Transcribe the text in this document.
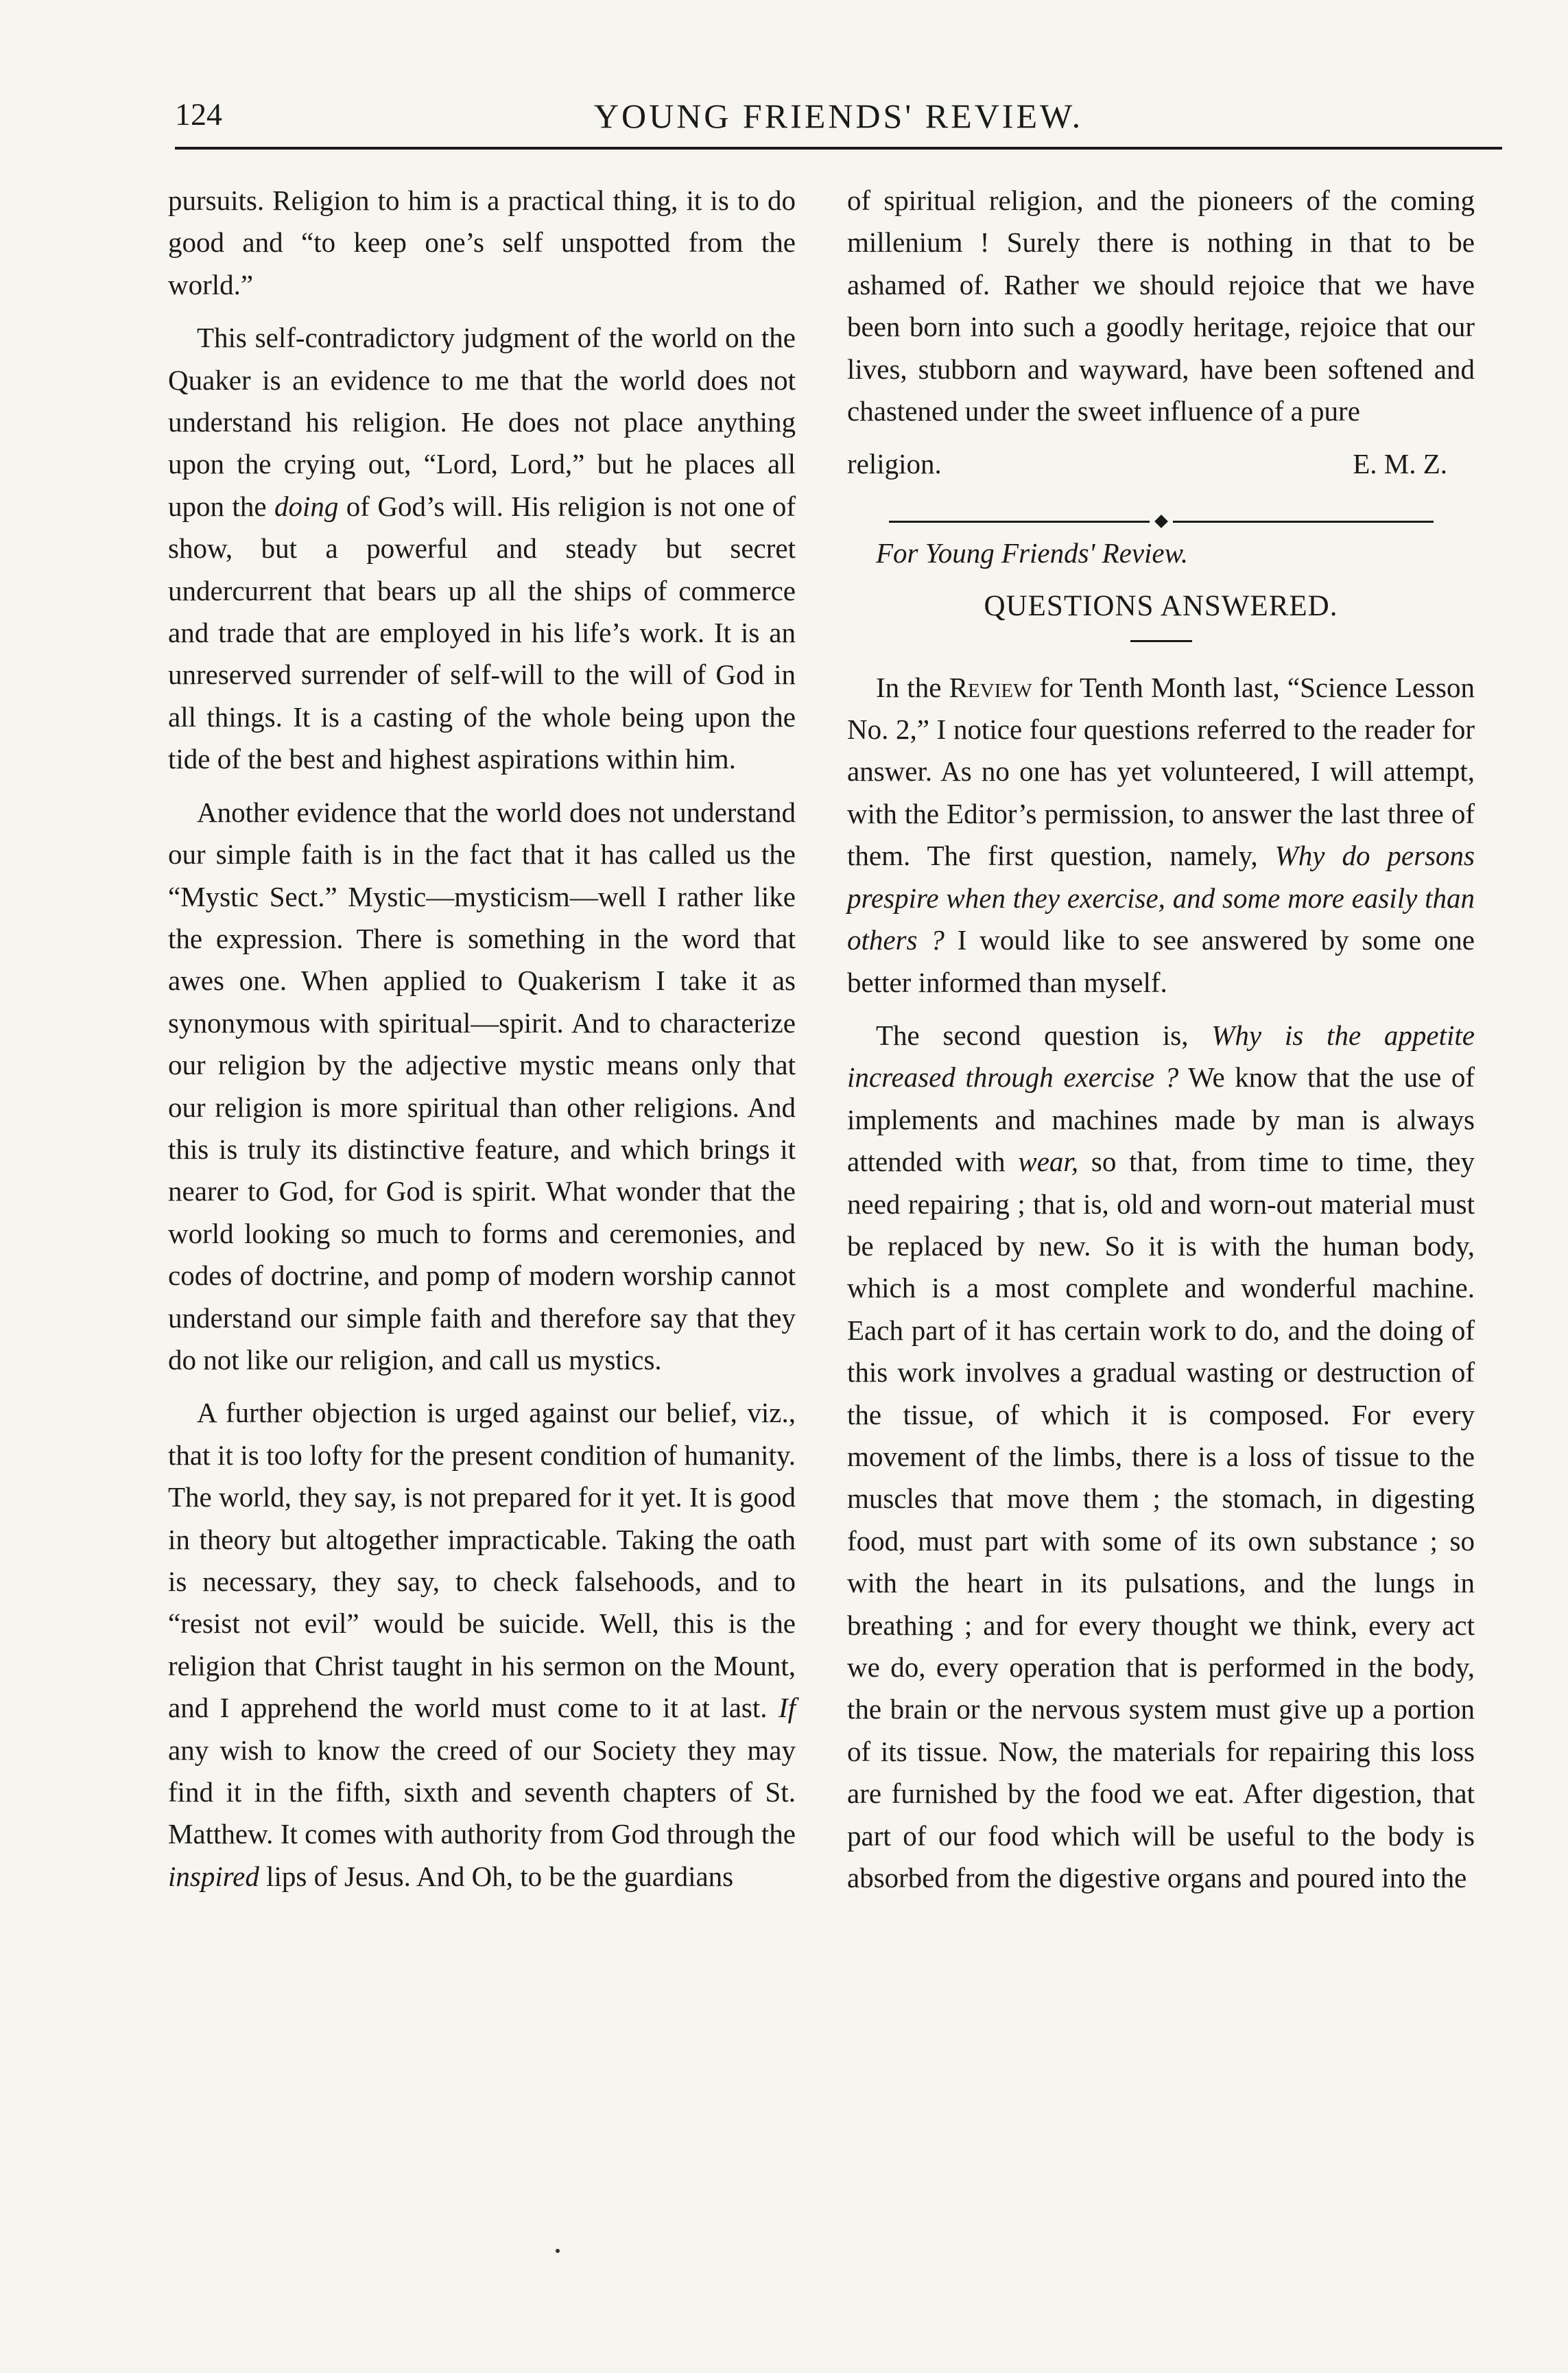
124	YOUNG FRIENDS' REVIEW.

pursuits. Religion to him is a practical thing, it is to do good and “to keep one’s self unspotted from the world.”

This self-contradictory judgment of the world on the Quaker is an evidence to me that the world does not understand his religion. He does not place anything upon the crying out, “Lord, Lord,” but he places all upon the doing of God’s will. His religion is not one of show, but a powerful and steady but secret undercurrent that bears up all the ships of commerce and trade that are employed in his life’s work. It is an unreserved surrender of self-will to the will of God in all things. It is a casting of the whole being upon the tide of the best and highest aspirations within him.

Another evidence that the world does not understand our simple faith is in the fact that it has called us the “Mystic Sect.” Mystic—mysticism—well I rather like the expression. There is something in the word that awes one. When applied to Quakerism I take it as synonymous with spiritual—spirit. And to characterize our religion by the adjective mystic means only that our religion is more spiritual than other religions. And this is truly its distinctive feature, and which brings it nearer to God, for God is spirit. What wonder that the world looking so much to forms and ceremonies, and codes of doctrine, and pomp of modern worship cannot understand our simple faith and therefore say that they do not like our religion, and call us mystics.

A further objection is urged against our belief, viz., that it is too lofty for the present condition of humanity. The world, they say, is not prepared for it yet. It is good in theory but altogether impracticable. Taking the oath is necessary, they say, to check falsehoods, and to “resist not evil” would be suicide. Well, this is the religion that Christ taught in his sermon on the Mount, and I apprehend the world must come to it at last. If any wish to know the creed of our Society they may find it in the fifth, sixth and seventh chapters of St. Matthew. It comes with authority from God through the inspired lips of Jesus. And Oh, to be the guardians

of spiritual religion, and the pioneers of the coming millenium ! Surely there is nothing in that to be ashamed of. Rather we should rejoice that we have been born into such a goodly heritage, rejoice that our lives, stubborn and wayward, have been softened and chastened under the sweet influence of a pure

religion.	E. M. Z.

For Young Friends' Review.

QUESTIONS ANSWERED.

In the Review for Tenth Month last, “Science Lesson No. 2,” I notice four questions referred to the reader for answer. As no one has yet volunteered, I will attempt, with the Editor’s permission, to answer the last three of them. The first question, namely, Why do persons prespire when they exercise, and some more easily than others ? I would like to see answered by some one better informed than myself.

The second question is, Why is the appetite increased through exercise ? We know that the use of implements and machines made by man is always attended with wear, so that, from time to time, they need repairing ; that is, old and worn-out material must be replaced by new. So it is with the human body, which is a most complete and wonderful machine. Each part of it has certain work to do, and the doing of this work involves a gradual wasting or destruction of the tissue, of which it is composed. For every movement of the limbs, there is a loss of tissue to the muscles that move them ; the stomach, in digesting food, must part with some of its own substance ; so with the heart in its pulsations, and the lungs in breathing ; and for every thought we think, every act we do, every operation that is performed in the body, the brain or the nervous system must give up a portion of its tissue. Now, the materials for repairing this loss are furnished by the food we eat. After digestion, that part of our food which will be useful to the body is absorbed from the digestive organs and poured into the
